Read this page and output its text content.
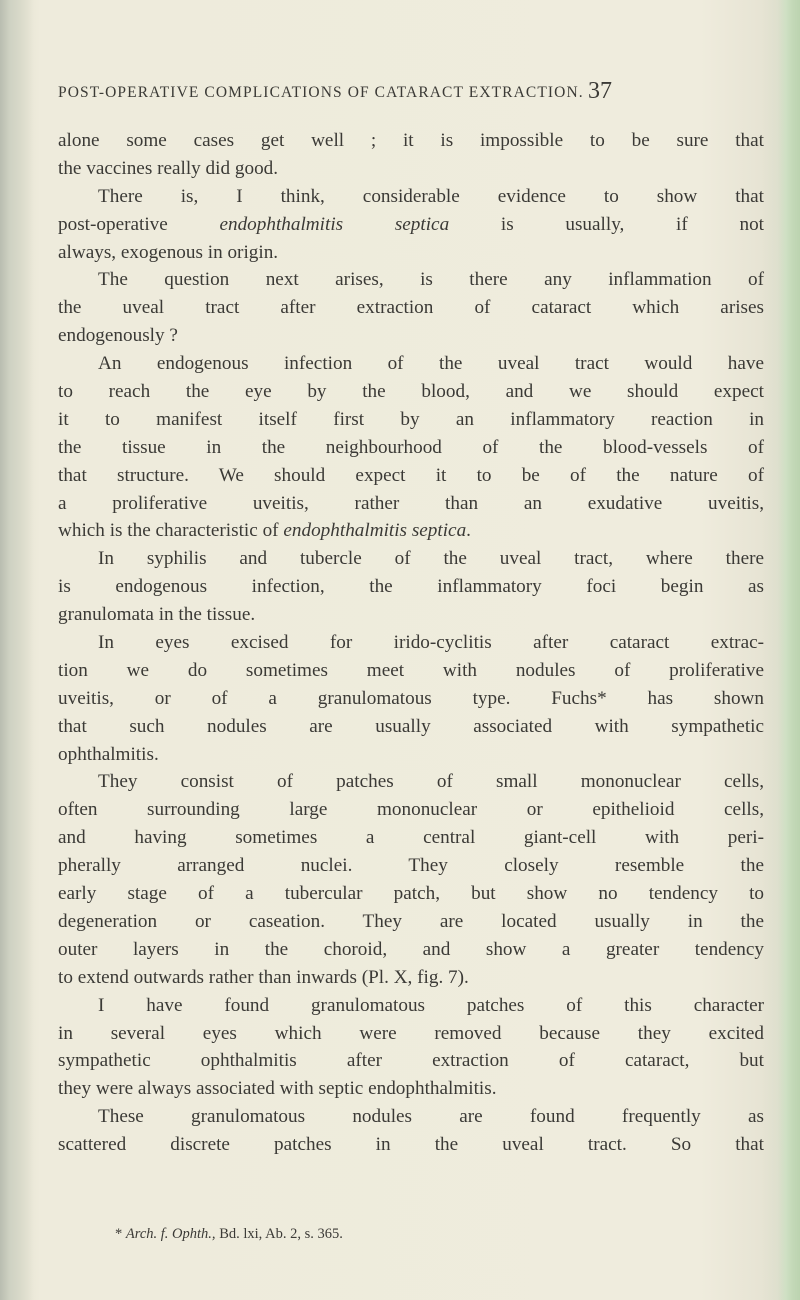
POST-OPERATIVE COMPLICATIONS OF CATARACT EXTRACTION. 37
alone some cases get well ; it is impossible to be sure that
the vaccines really did good.
There is, I think, considerable evidence to show that
post-operative endophthalmitis septica is usually, if not
always, exogenous in origin.
The question next arises, is there any inflammation of
the uveal tract after extraction of cataract which arises
endogenously ?
An endogenous infection of the uveal tract would have
to reach the eye by the blood, and we should expect
it to manifest itself first by an inflammatory reaction in
the tissue in the neighbourhood of the blood-vessels of
that structure. We should expect it to be of the nature of
a proliferative uveitis, rather than an exudative uveitis,
which is the characteristic of endophthalmitis septica.
In syphilis and tubercle of the uveal tract, where there
is endogenous infection, the inflammatory foci begin as
granulomata in the tissue.
In eyes excised for irido-cyclitis after cataract extrac-
tion we do sometimes meet with nodules of proliferative
uveitis, or of a granulomatous type. Fuchs* has shown
that such nodules are usually associated with sympathetic
ophthalmitis.
They consist of patches of small mononuclear cells,
often surrounding large mononuclear or epithelioid cells,
and having sometimes a central giant-cell with peri-
pherally arranged nuclei. They closely resemble the
early stage of a tubercular patch, but show no tendency to
degeneration or caseation. They are located usually in the
outer layers in the choroid, and show a greater tendency
to extend outwards rather than inwards (Pl. X, fig. 7).
I have found granulomatous patches of this character
in several eyes which were removed because they excited
sympathetic ophthalmitis after extraction of cataract, but
they were always associated with septic endophthalmitis.
These granulomatous nodules are found frequently as
scattered discrete patches in the uveal tract. So that
* Arch. f. Ophth., Bd. lxi, Ab. 2, s. 365.
